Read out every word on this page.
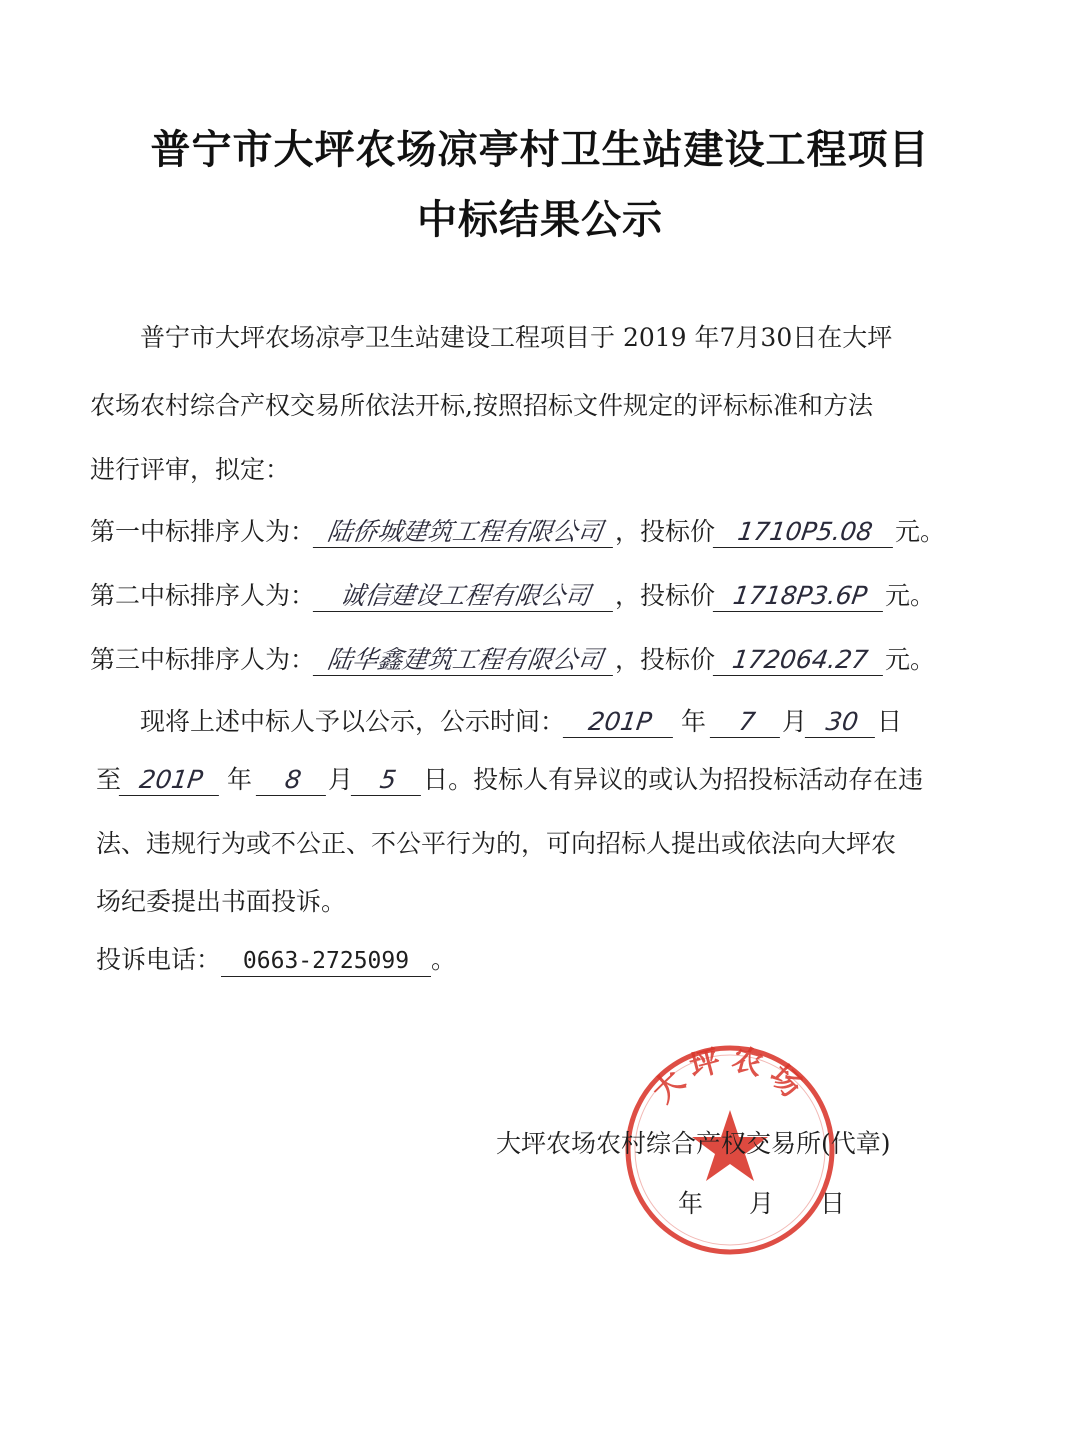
普宁市大坪农场凉亭村卫生站建设工程项目
中标结果公示
普宁市大坪农场凉亭卫生站建设工程项目于 2019 年7月30日在大坪
农场农村综合产权交易所依法开标,按照招标文件规定的评标标准和方法
进行评审，拟定：
第一中标排序人为： 陆侨城建筑工程有限公司 ，投标价 1710P5.08 元。
第二中标排序人为： 诚信建设工程有限公司 ，投标价 1718P3.6P 元。
第三中标排序人为： 陆华鑫建筑工程有限公司 ，投标价 172064.27 元。
现将上述中标人予以公示，公示时间： 201P 年 7 月 30 日
至 201P 年 8 月 5 日。投标人有异议的或认为招投标活动存在违
法、违规行为或不公正、不公平行为的，可向招标人提出或依法向大坪农
场纪委提出书面投诉。
投诉电话： 0663-2725099 。
大坪农场
大坪农场农村综合产权交易所(代章)
年 月 日
